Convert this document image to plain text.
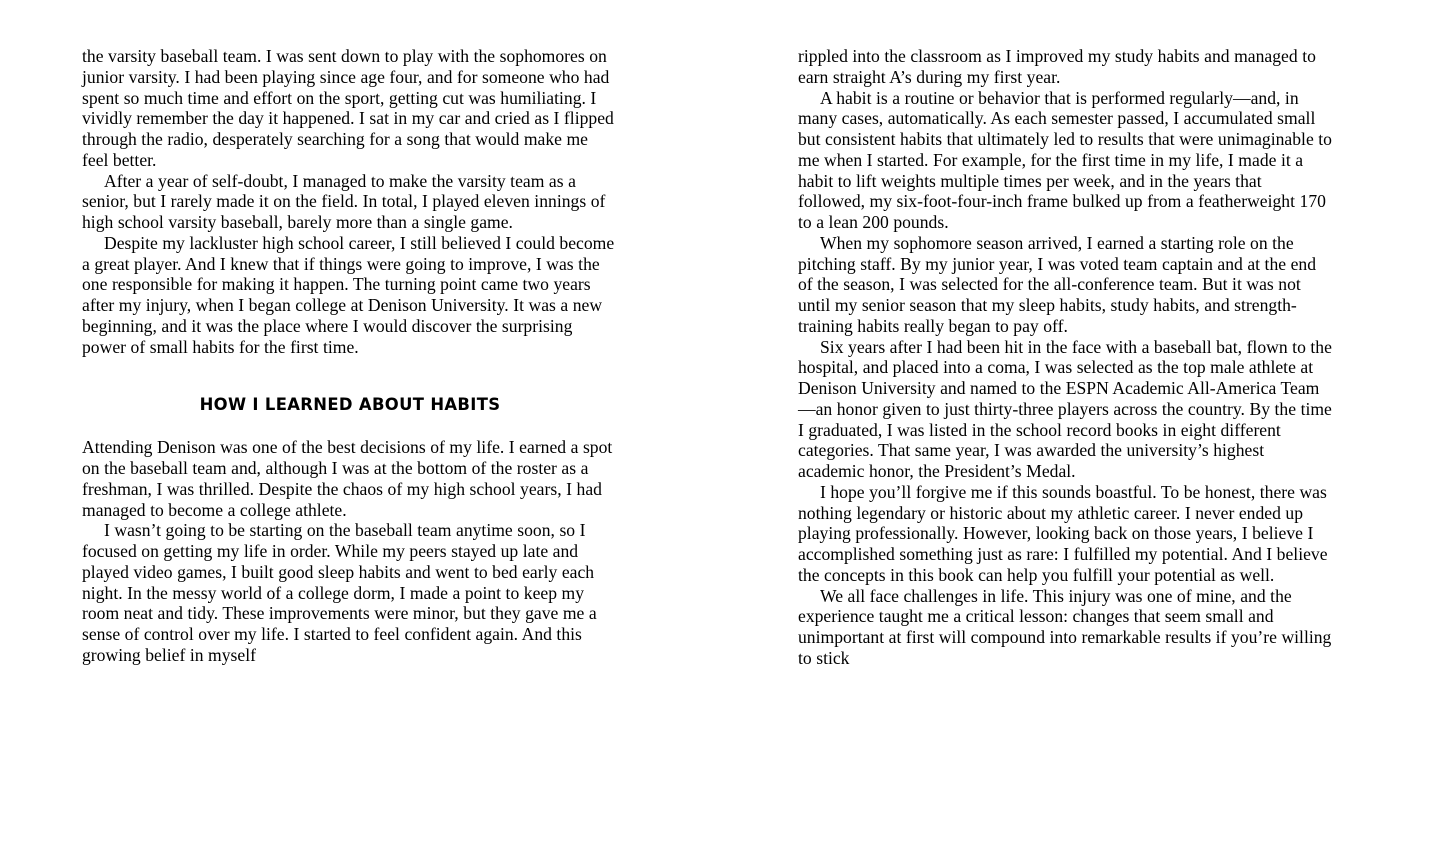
the varsity baseball team. I was sent down to play with the sophomores on junior varsity. I had been playing since age four, and for someone who had spent so much time and effort on the sport, getting cut was humiliating. I vividly remember the day it happened. I sat in my car and cried as I flipped through the radio, desperately searching for a song that would make me feel better.

After a year of self-doubt, I managed to make the varsity team as a senior, but I rarely made it on the field. In total, I played eleven innings of high school varsity baseball, barely more than a single game.

Despite my lackluster high school career, I still believed I could become a great player. And I knew that if things were going to improve, I was the one responsible for making it happen. The turning point came two years after my injury, when I began college at Denison University. It was a new beginning, and it was the place where I would discover the surprising power of small habits for the first time.

HOW I LEARNED ABOUT HABITS

Attending Denison was one of the best decisions of my life. I earned a spot on the baseball team and, although I was at the bottom of the roster as a freshman, I was thrilled. Despite the chaos of my high school years, I had managed to become a college athlete.

I wasn’t going to be starting on the baseball team anytime soon, so I focused on getting my life in order. While my peers stayed up late and played video games, I built good sleep habits and went to bed early each night. In the messy world of a college dorm, I made a point to keep my room neat and tidy. These improvements were minor, but they gave me a sense of control over my life. I started to feel confident again. And this growing belief in myself

rippled into the classroom as I improved my study habits and managed to earn straight A’s during my first year.

A habit is a routine or behavior that is performed regularly—and, in many cases, automatically. As each semester passed, I accumulated small but consistent habits that ultimately led to results that were unimaginable to me when I started. For example, for the first time in my life, I made it a habit to lift weights multiple times per week, and in the years that followed, my six-foot-four-inch frame bulked up from a featherweight 170 to a lean 200 pounds.

When my sophomore season arrived, I earned a starting role on the pitching staff. By my junior year, I was voted team captain and at the end of the season, I was selected for the all-conference team. But it was not until my senior season that my sleep habits, study habits, and strength-training habits really began to pay off.

Six years after I had been hit in the face with a baseball bat, flown to the hospital, and placed into a coma, I was selected as the top male athlete at Denison University and named to the ESPN Academic All-America Team—an honor given to just thirty-three players across the country. By the time I graduated, I was listed in the school record books in eight different categories. That same year, I was awarded the university’s highest academic honor, the President’s Medal.

I hope you’ll forgive me if this sounds boastful. To be honest, there was nothing legendary or historic about my athletic career. I never ended up playing professionally. However, looking back on those years, I believe I accomplished something just as rare: I fulfilled my potential. And I believe the concepts in this book can help you fulfill your potential as well.

We all face challenges in life. This injury was one of mine, and the experience taught me a critical lesson: changes that seem small and unimportant at first will compound into remarkable results if you’re willing to stick
